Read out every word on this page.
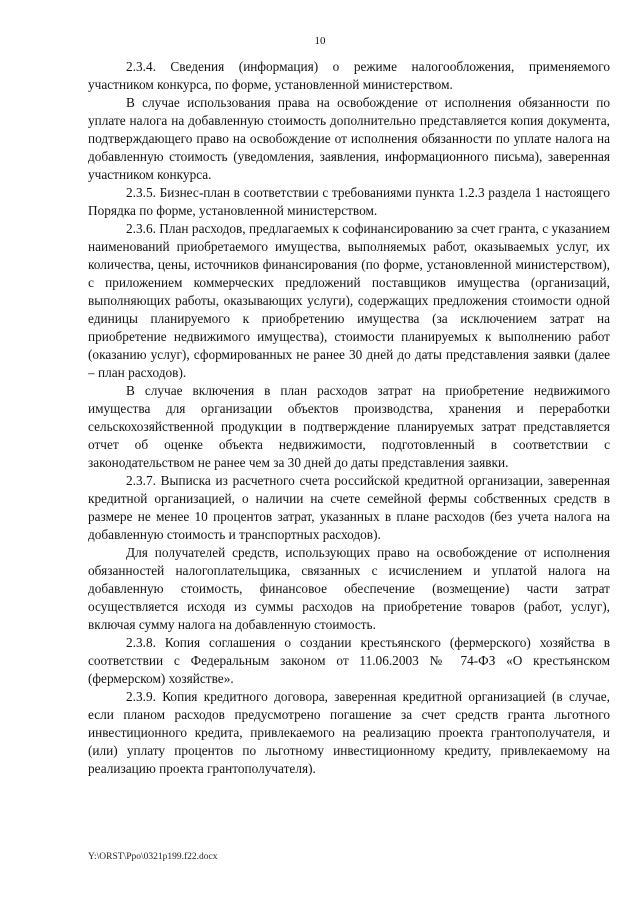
10

2.3.4. Сведения (информация) о режиме налогообложения, применяемого участником конкурса, по форме, установленной министерством.

В случае использования права на освобождение от исполнения обязанности по уплате налога на добавленную стоимость дополнительно представляется копия документа, подтверждающего право на освобождение от исполнения обязанности по уплате налога на добавленную стоимость (уведомления, заявления, информационного письма), заверенная участником конкурса.

2.3.5. Бизнес-план в соответствии с требованиями пункта 1.2.3 раздела 1 настоящего Порядка по форме, установленной министерством.

2.3.6. План расходов, предлагаемых к софинансированию за счет гранта, с указанием наименований приобретаемого имущества, выполняемых работ, оказываемых услуг, их количества, цены, источников финансирования (по форме, установленной министерством), с приложением коммерческих предложений поставщиков имущества (организаций, выполняющих работы, оказывающих услуги), содержащих предложения стоимости одной единицы планируемого к приобретению имущества (за исключением затрат на приобретение недвижимого имущества), стоимости планируемых к выполнению работ (оказанию услуг), сформированных не ранее 30 дней до даты представления заявки (далее – план расходов).

В случае включения в план расходов затрат на приобретение недвижимого имущества для организации объектов производства, хранения и переработки сельскохозяйственной продукции в подтверждение планируемых затрат представляется отчет об оценке объекта недвижимости, подготовленный в соответствии с законодательством не ранее чем за 30 дней до даты представления заявки.

2.3.7. Выписка из расчетного счета российской кредитной организации, заверенная кредитной организацией, о наличии на счете семейной фермы собственных средств в размере не менее 10 процентов затрат, указанных в плане расходов (без учета налога на добавленную стоимость и транспортных расходов).

Для получателей средств, использующих право на освобождение от исполнения обязанностей налогоплательщика, связанных с исчислением и уплатой налога на добавленную стоимость, финансовое обеспечение (возмещение) части затрат осуществляется исходя из суммы расходов на приобретение товаров (работ, услуг), включая сумму налога на добавленную стоимость.

2.3.8. Копия соглашения о создании крестьянского (фермерского) хозяйства в соответствии с Федеральным законом от 11.06.2003 № 74-ФЗ «О крестьянском (фермерском) хозяйстве».

2.3.9. Копия кредитного договора, заверенная кредитной организацией (в случае, если планом расходов предусмотрено погашение за счет средств гранта льготного инвестиционного кредита, привлекаемого на реализацию проекта грантополучателя, и (или) уплату процентов по льготному инвестиционному кредиту, привлекаемому на реализацию проекта грантополучателя).

Y:\ORST\Ppo\0321p199.f22.docx
